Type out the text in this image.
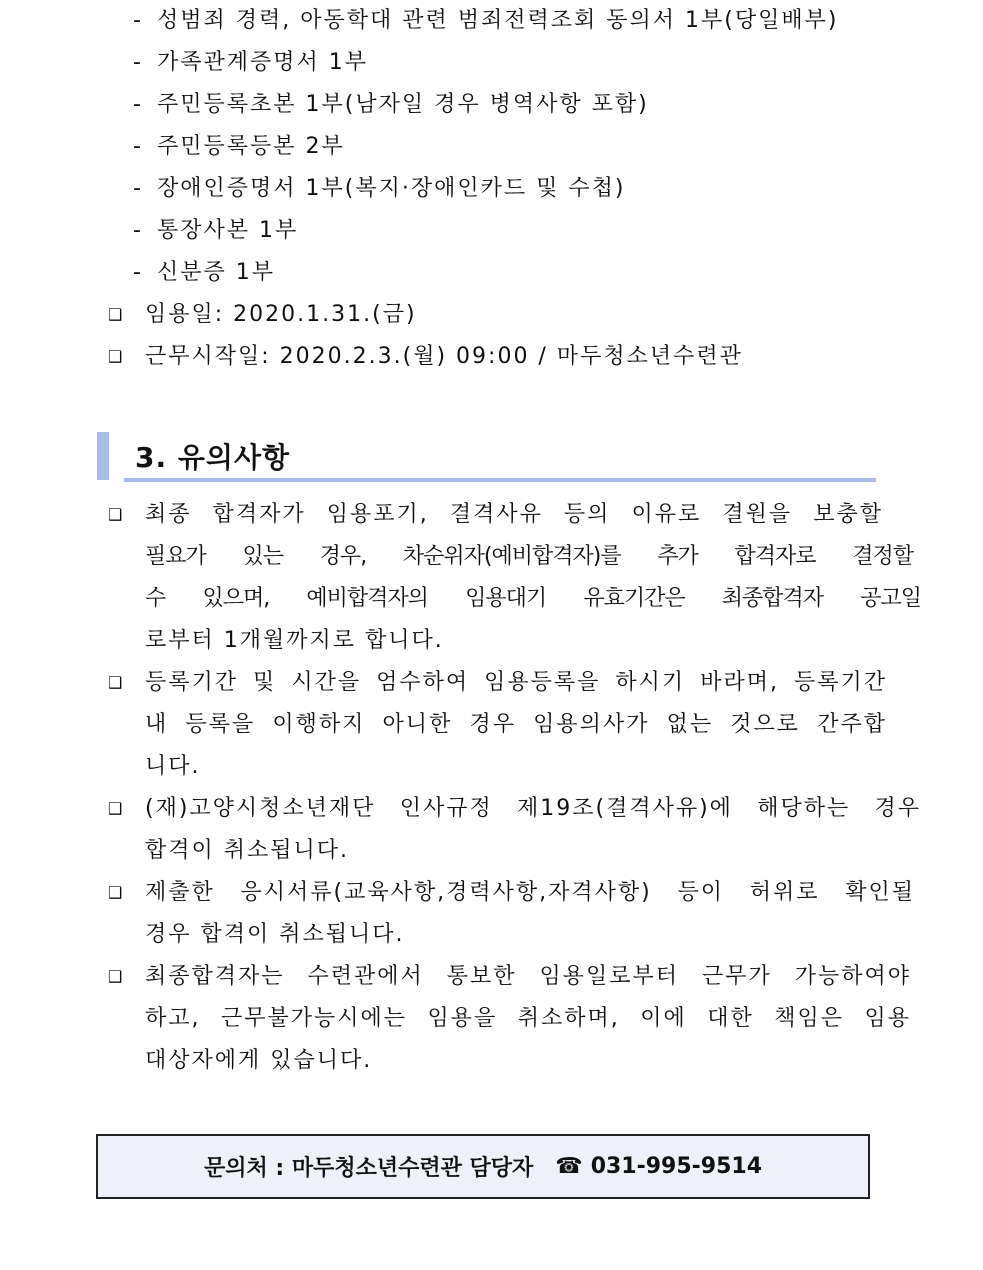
- 성범죄 경력, 아동학대 관련 범죄전력조회 동의서 1부(당일배부)
- 가족관계증명서 1부
- 주민등록초본 1부(남자일 경우 병역사항 포함)
- 주민등록등본 2부
- 장애인증명서 1부(복지·장애인카드 및 수첩)
- 통장사본 1부
- 신분증 1부
❑ 임용일: 2020.1.31.(금)
❑ 근무시작일: 2020.2.3.(월) 09:00 / 마두청소년수련관
3. 유의사항
❑ 최종 합격자가 임용포기, 결격사유 등의 이유로 결원을 보충할
필요가 있는 경우, 차순위자(예비합격자)를 추가 합격자로 결정할
수 있으며, 예비합격자의 임용대기 유효기간은 최종합격자 공고일
로부터 1개월까지로 합니다.
❑ 등록기간 및 시간을 엄수하여 임용등록을 하시기 바라며, 등록기간
내 등록을 이행하지 아니한 경우 임용의사가 없는 것으로 간주합
니다.
❑ (재)고양시청소년재단 인사규정 제19조(결격사유)에 해당하는 경우
합격이 취소됩니다.
❑ 제출한 응시서류(교육사항,경력사항,자격사항) 등이 허위로 확인될
경우 합격이 취소됩니다.
❑ 최종합격자는 수련관에서 통보한 임용일로부터 근무가 가능하여야
하고, 근무불가능시에는 임용을 취소하며, 이에 대한 책임은 임용
대상자에게 있습니다.
문의처 : 마두청소년수련관 담당자 ☎ 031-995-9514
